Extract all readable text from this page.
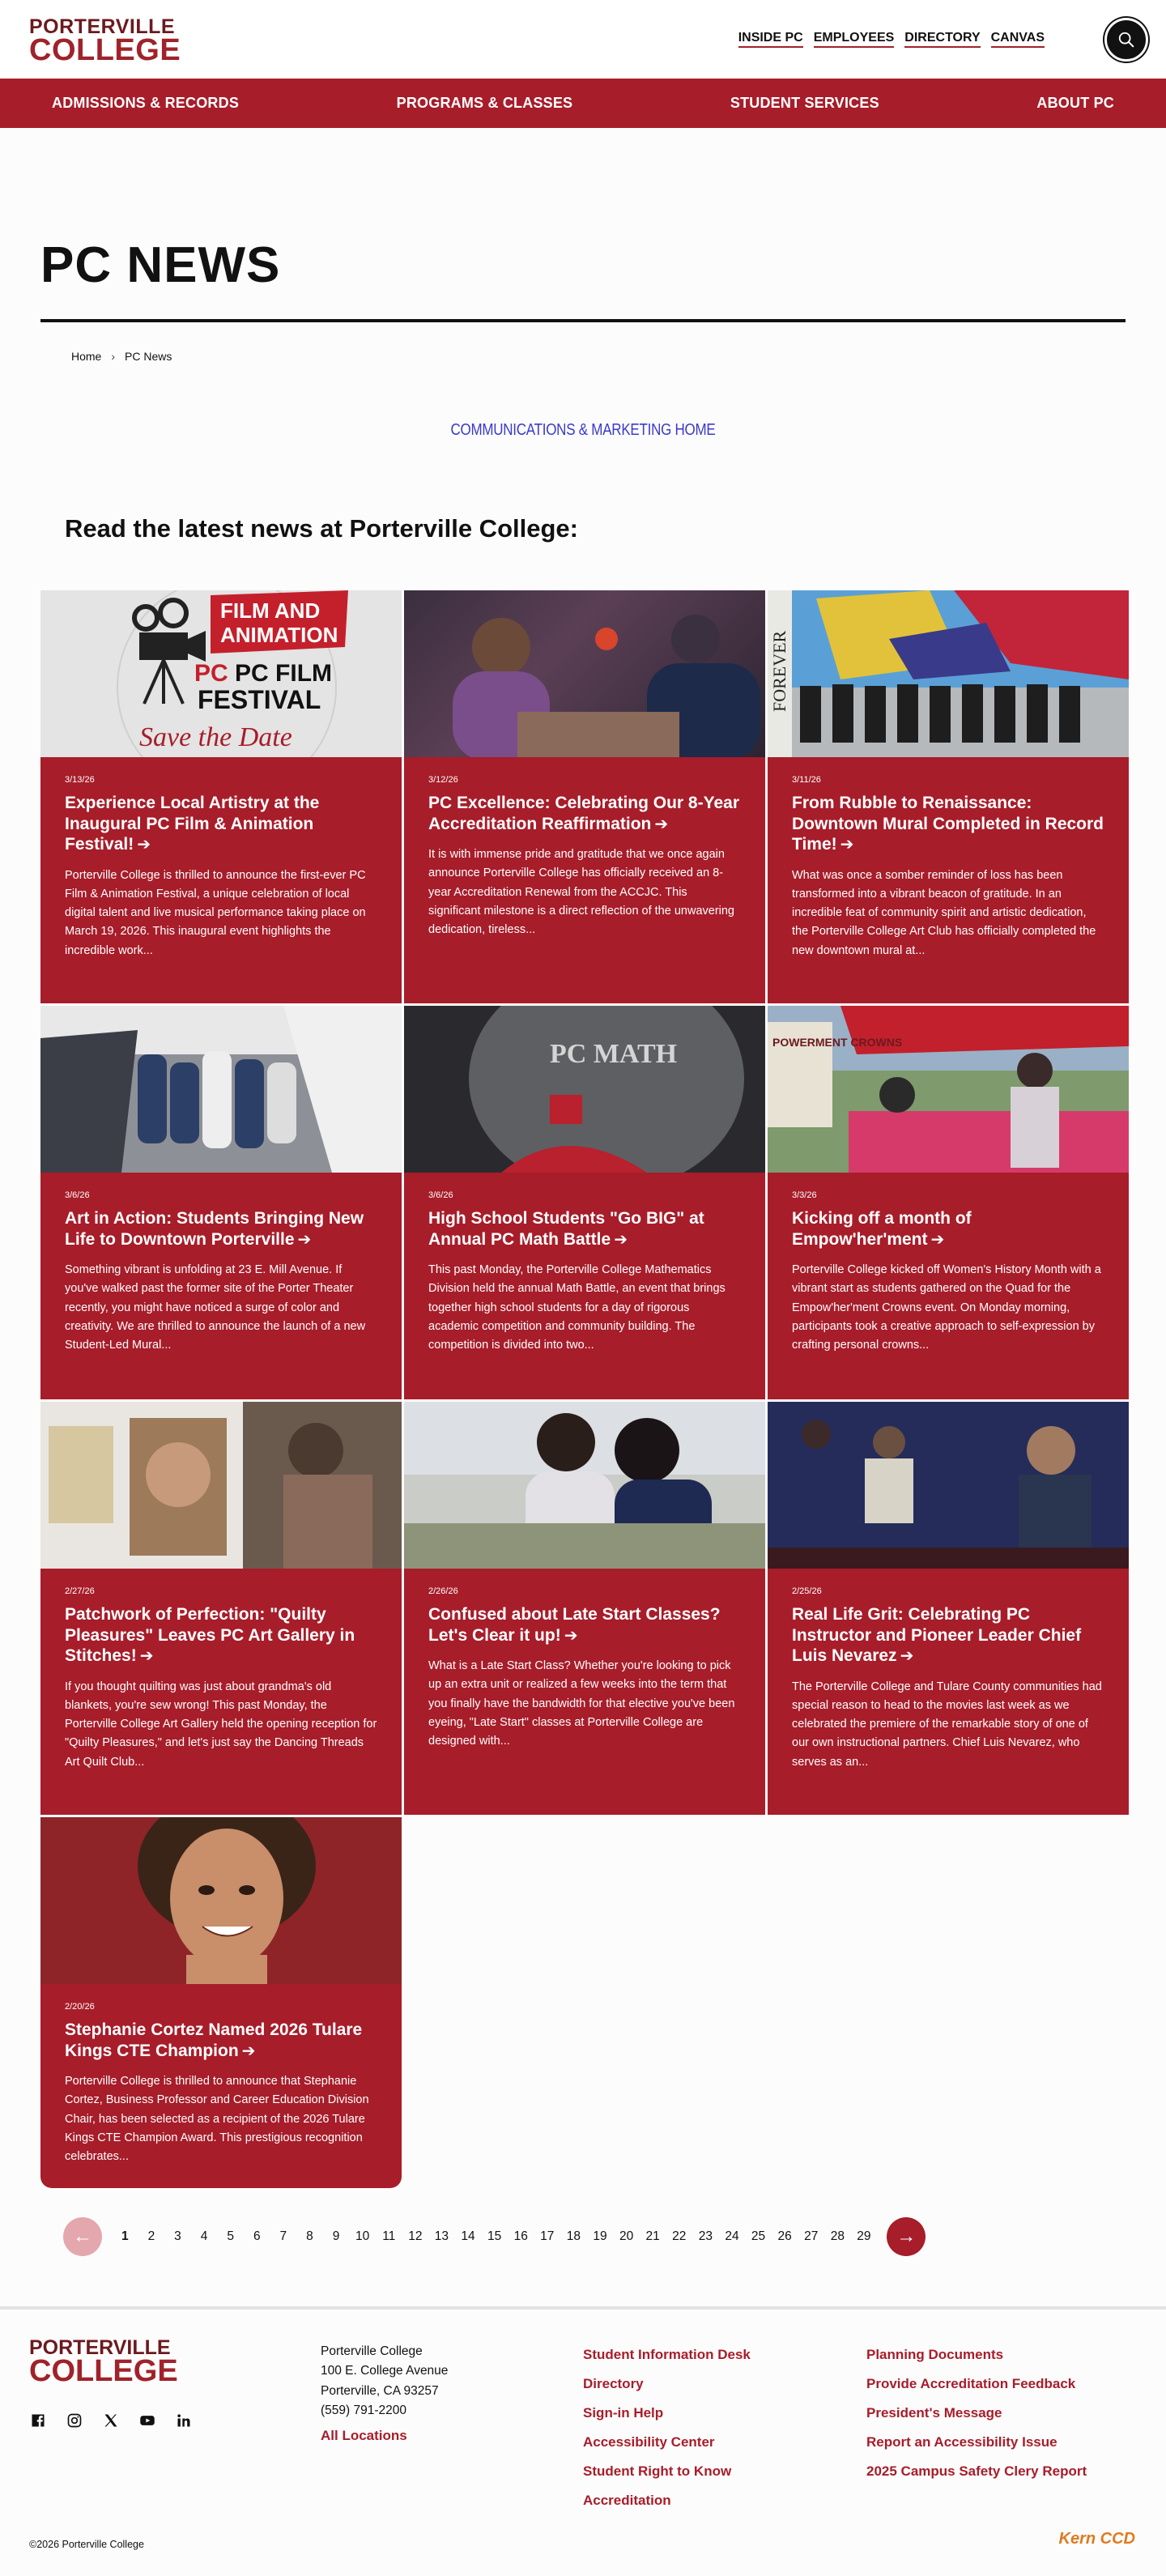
PORTERVILLE
COLLEGE	INSIDE PC EMPLOYEES DIRECTORY CANVAS
ADMISSIONS & RECORDS	PROGRAMS & CLASSES	STUDENT SERVICES	ABOUT PC
PC NEWS
Home › PC News
COMMUNICATIONS & MARKETING HOME
Read the latest news at Porterville College:
FILM AND
ANIMATION
PC PC FILM
FESTIVAL
Save the Date
3/13/26
Experience Local Artistry at the Inaugural PC Film & Animation Festival! ➔

Porterville College is thrilled to announce the first-ever PC Film & Animation Festival, a unique celebration of local digital talent and live musical performance taking place on March 19, 2026. This inaugural event highlights the incredible work...

3/12/26
PC Excellence: Celebrating Our 8-Year Accreditation Reaffirmation ➔

It is with immense pride and gratitude that we once again announce Porterville College has officially received an 8-year Accreditation Renewal from the ACCJC. This significant milestone is a direct reflection of the unwavering dedication, tireless...

FOREVER
3/11/26
From Rubble to Renaissance: Downtown Mural Completed in Record Time! ➔

What was once a somber reminder of loss has been transformed into a vibrant beacon of gratitude. In an incredible feat of community spirit and artistic dedication, the Porterville College Art Club has officially completed the new downtown mural at...

3/6/26
Art in Action: Students Bringing New Life to Downtown Porterville ➔

Something vibrant is unfolding at 23 E. Mill Avenue. If you've walked past the former site of the Porter Theater recently, you might have noticed a surge of color and creativity. We are thrilled to announce the launch of a new Student-Led Mural...

PC MATH
3/6/26
High School Students "Go BIG" at Annual PC Math Battle ➔

This past Monday, the Porterville College Mathematics Division held the annual Math Battle, an event that brings together high school students for a day of rigorous academic competition and community building. The competition is divided into two...

POWERMENT CROWNS
3/3/26
Kicking off a month of Empow'her'ment ➔

Porterville College kicked off Women's History Month with a vibrant start as students gathered on the Quad for the Empow'her'ment Crowns event. On Monday morning, participants took a creative approach to self-expression by crafting personal crowns...

2/27/26
Patchwork of Perfection: "Quilty Pleasures" Leaves PC Art Gallery in Stitches! ➔

If you thought quilting was just about grandma's old blankets, you're sew wrong! This past Monday, the Porterville College Art Gallery held the opening reception for "Quilty Pleasures," and let's just say the Dancing Threads Art Quilt Club...

2/26/26
Confused about Late Start Classes? Let's Clear it up! ➔

What is a Late Start Class? Whether you're looking to pick up an extra unit or realized a few weeks into the term that you finally have the bandwidth for that elective you've been eyeing, "Late Start" classes at Porterville College are designed with...

2/25/26
Real Life Grit: Celebrating PC Instructor and Pioneer Leader Chief Luis Nevarez ➔

The Porterville College and Tulare County communities had special reason to head to the movies last week as we celebrated the premiere of the remarkable story of one of our own instructional partners. Chief Luis Nevarez, who serves as an...

2/20/26
Stephanie Cortez Named 2026 Tulare Kings CTE Champion ➔

Porterville College is thrilled to announce that Stephanie Cortez, Business Professor and Career Education Division Chair, has been selected as a recipient of the 2026 Tulare Kings CTE Champion Award. This prestigious recognition celebrates...

←	1	2	3	4	5	6	7	8	9	10	11	12 13 14 15 16 17 18 19 20 21 22 23 24 25 26 27 28 29	→
PORTERVILLE
COLLEGE
Porterville College
100 E. College Avenue
Porterville, CA 93257
(559) 791-2200
All Locations
Student Information Desk
Directory
Sign-in Help
Accessibility Center
Student Right to Know
Accreditation
Planning Documents
Provide Accreditation Feedback
President's Message
Report an Accessibility Issue
2025 Campus Safety Clery Report
©2026 Porterville College	Kern CCD
